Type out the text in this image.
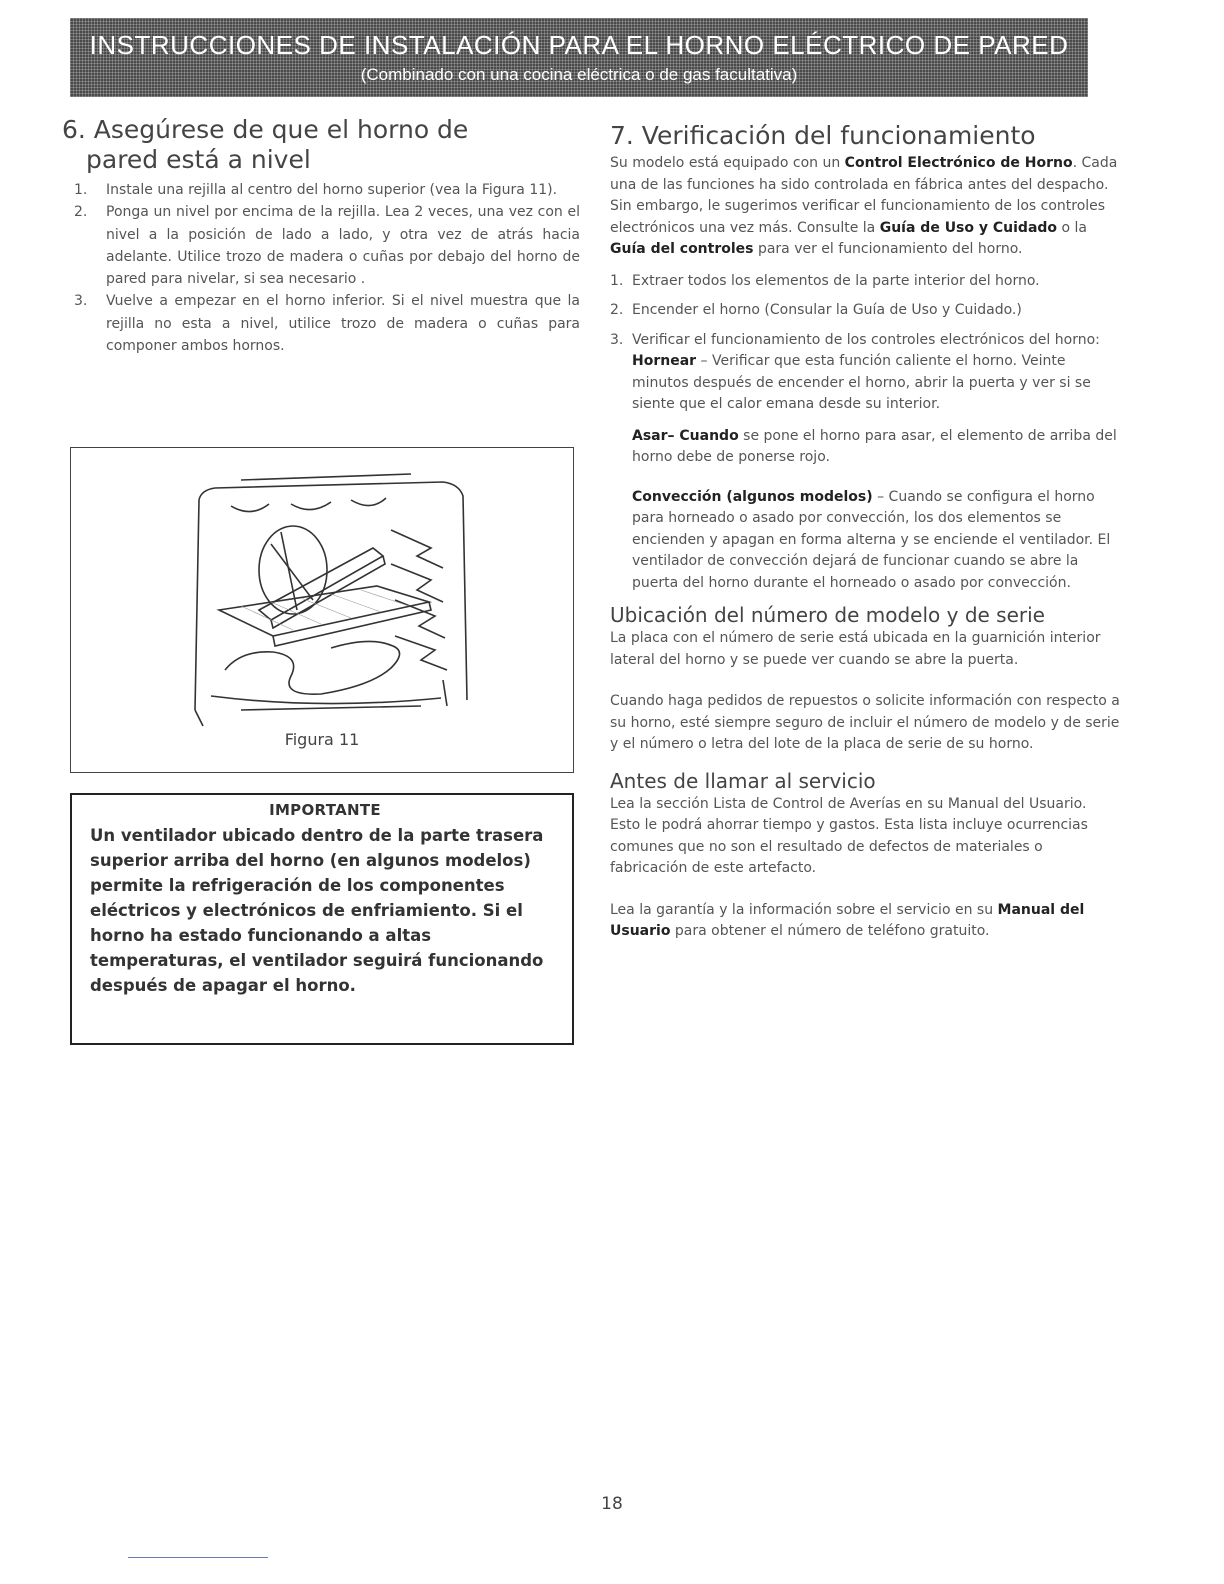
INSTRUCCIONES DE INSTALACIÓN PARA EL HORNO ELÉCTRICO DE PARED
(Combinado con una cocina eléctrica o de gas facultativa)
6. Asegúrese de que el horno de
pared está a nivel
1. Instale una rejilla al centro del horno superior (vea la Figura 11).
2. Ponga un nivel por encima de la rejilla. Lea 2 veces, una vez con el nivel a la posición de lado a lado, y otra vez de atrás hacia adelante. Utilice trozo de madera o cuñas por debajo del horno de pared para nivelar, si sea necesario .
3. Vuelve a empezar en el horno inferior. Si el nivel muestra que la rejilla no esta a nivel, utilice trozo de madera o cuñas para componer ambos hornos.
Figura 11
IMPORTANTE
Un ventilador ubicado dentro de la parte trasera superior arriba del horno (en algunos modelos) permite la refrigeración de los componentes eléctricos y electrónicos de enfriamiento. Si el horno ha estado funcionando a altas temperaturas, el ventilador seguirá funcionando después de apagar el horno.
7. Verificación del funcionamiento

Su modelo está equipado con un Control Electrónico de Horno. Cada una de las funciones ha sido controlada en fábrica antes del despacho. Sin embargo, le sugerimos verificar el funcionamiento de los controles electrónicos una vez más. Consulte la Guía de Uso y Cuidado o la Guía del controles para ver el funcionamiento del horno.

1. Extraer todos los elementos de la parte interior del horno.
2. Encender el horno (Consular la Guía de Uso y Cuidado.)
3. Verificar el funcionamiento de los controles electrónicos del horno:

Hornear – Verificar que esta función caliente el horno. Veinte minutos después de encender el horno, abrir la puerta y ver si se siente que el calor emana desde su interior.

Asar– Cuando se pone el horno para asar, el elemento de arriba del horno debe de ponerse rojo.

Convección (algunos modelos) – Cuando se configura el horno para horneado o asado por convección, los dos elementos se encienden y apagan en forma alterna y se enciende el ventilador. El ventilador de convección dejará de funcionar cuando se abre la puerta del horno durante el horneado o asado por convección.

Ubicación del número de modelo y de serie

La placa con el número de serie está ubicada en la guarnición interior lateral del horno y se puede ver cuando se abre la puerta.

Cuando haga pedidos de repuestos o solicite información con respecto a su horno, esté siempre seguro de incluir el número de modelo y de serie y el número o letra del lote de la placa de serie de su horno.

Antes de llamar al servicio

Lea la sección Lista de Control de Averías en su Manual del Usuario. Esto le podrá ahorrar tiempo y gastos. Esta lista incluye ocurrencias comunes que no son el resultado de defectos de materiales o fabricación de este artefacto.

Lea la garantía y la información sobre el servicio en su Manual del Usuario para obtener el número de teléfono gratuito.

18
